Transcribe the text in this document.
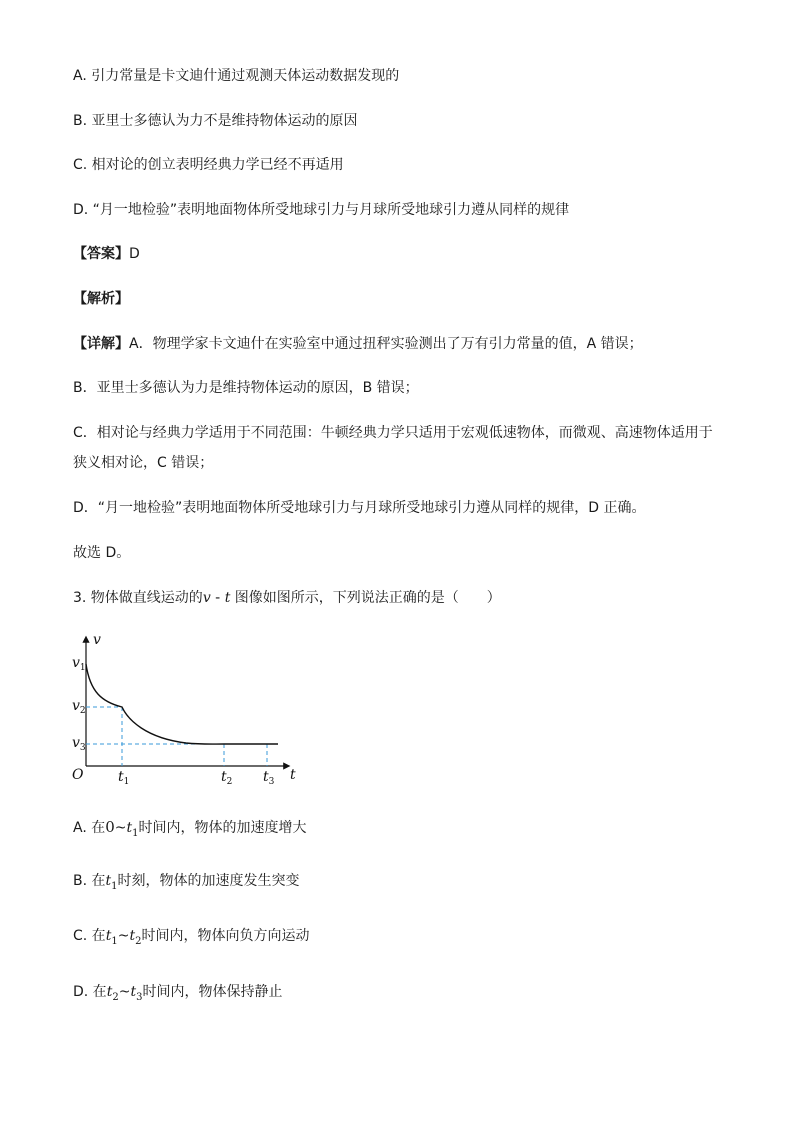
A. 引力常量是卡文迪什通过观测天体运动数据发现的
B. 亚里士多德认为力不是维持物体运动的原因
C. 相对论的创立表明经典力学已经不再适用
D. “月一地检验”表明地面物体所受地球引力与月球所受地球引力遵从同样的规律
【答案】D
【解析】
【详解】A．物理学家卡文迪什在实验室中通过扭秤实验测出了万有引力常量的值，A 错误；
B．亚里士多德认为力是维持物体运动的原因，B 错误；
C．相对论与经典力学适用于不同范围：牛顿经典力学只适用于宏观低速物体，而微观、高速物体适用于狭义相对论，C 错误；
D．“月一地检验”表明地面物体所受地球引力与月球所受地球引力遵从同样的规律，D 正确。
故选 D。
3. 物体做直线运动的v - t 图像如图所示，下列说法正确的是（　　）
v
t
O
$v_1$
$v_2$
$v_3$
$t_1$	$t_2$ $t_3$
A. 在$0\sim t_1$时间内，物体的加速度增大
B. 在$t_1$时刻，物体的加速度发生突变
C. 在$t_1\sim t_2$时间内，物体向负方向运动
D. 在$t_2\sim t_3$时间内，物体保持静止
